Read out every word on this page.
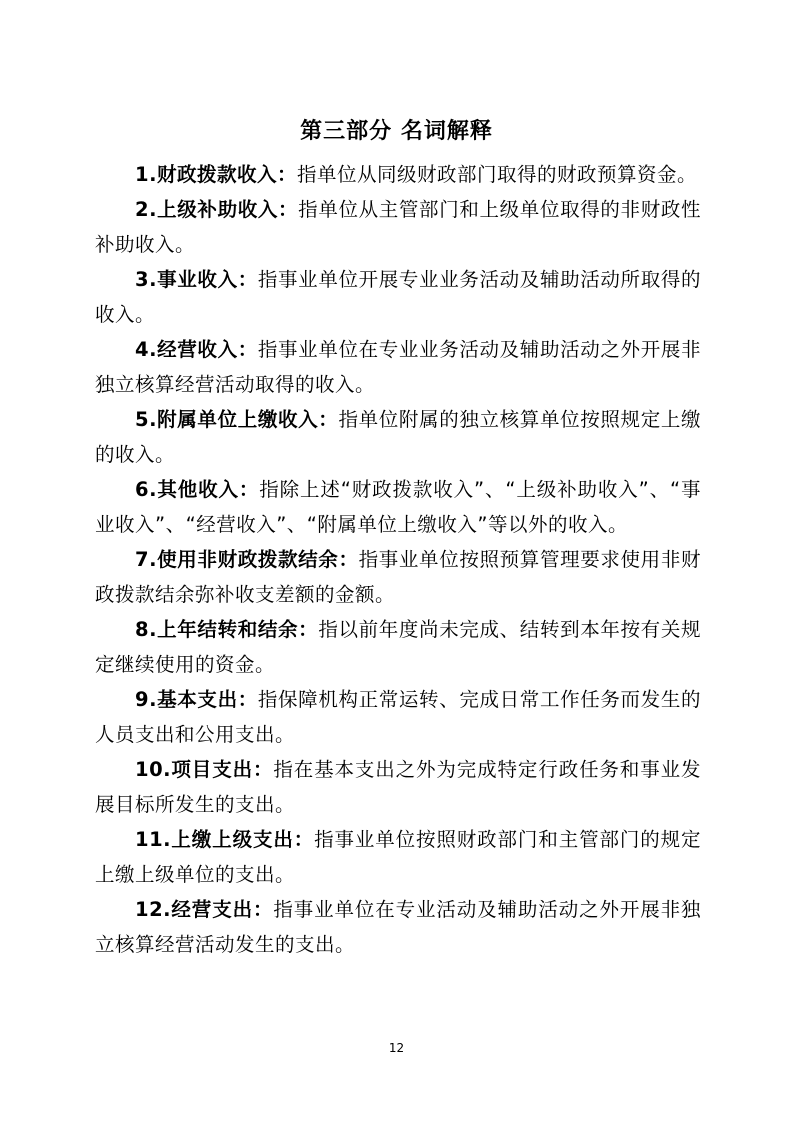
第三部分 名词解释

1.财政拨款收入：指单位从同级财政部门取得的财政预算资金。

2.上级补助收入：指单位从主管部门和上级单位取得的非财政性补助收入。

3.事业收入：指事业单位开展专业业务活动及辅助活动所取得的收入。

4.经营收入：指事业单位在专业业务活动及辅助活动之外开展非独立核算经营活动取得的收入。

5.附属单位上缴收入：指单位附属的独立核算单位按照规定上缴的收入。

6.其他收入：指除上述“财政拨款收入”、“上级补助收入”、“事业收入”、“经营收入”、“附属单位上缴收入”等以外的收入。

7.使用非财政拨款结余：指事业单位按照预算管理要求使用非财政拨款结余弥补收支差额的金额。

8.上年结转和结余：指以前年度尚未完成、结转到本年按有关规定继续使用的资金。

9.基本支出：指保障机构正常运转、完成日常工作任务而发生的人员支出和公用支出。

10.项目支出：指在基本支出之外为完成特定行政任务和事业发展目标所发生的支出。

11.上缴上级支出：指事业单位按照财政部门和主管部门的规定上缴上级单位的支出。

12.经营支出：指事业单位在专业活动及辅助活动之外开展非独立核算经营活动发生的支出。

12
